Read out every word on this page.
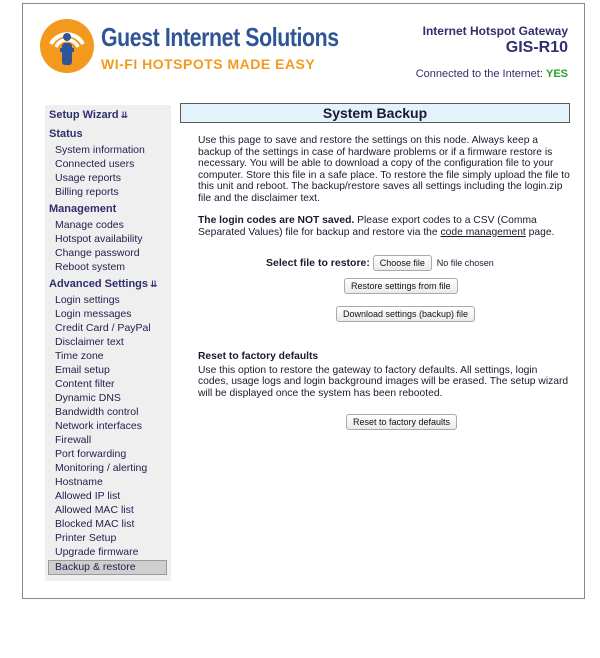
Guest Internet Solutions
WI-FI HOTSPOTS MADE EASY
Internet Hotspot Gateway
GIS-R10
Connected to the Internet: YES
Setup Wizard ⇊
Status
System information
Connected users
Usage reports
Billing reports
Management
Manage codes
Hotspot availability
Change password
Reboot system
Advanced Settings ⇊
Login settings
Login messages
Credit Card / PayPal
Disclaimer text
Time zone
Email setup
Content filter
Dynamic DNS
Bandwidth control
Network interfaces
Firewall
Port forwarding
Monitoring / alerting
Hostname
Allowed IP list
Allowed MAC list
Blocked MAC list
Printer Setup
Upgrade firmware
Backup & restore
System Backup

Use this page to save and restore the settings on this node. Always keep a backup of the settings in case of hardware problems or if a firmware restore is necessary. You will be able to download a copy of the configuration file to your computer. Store this file in a safe place. To restore the file simply upload the file to this unit and reboot. The backup/restore saves all settings including the login.zip file and the disclaimer text.

The login codes are NOT saved. Please export codes to a CSV (Comma Separated Values) file for backup and restore via the code management page.

Select file to restore: Choose file No file chosen
Restore settings from file
Download settings (backup) file
Reset to factory defaults
Use this option to restore the gateway to factory defaults. All settings, login codes, usage logs and login background images will be erased. The setup wizard will be displayed once the system has been rebooted.
Reset to factory defaults
